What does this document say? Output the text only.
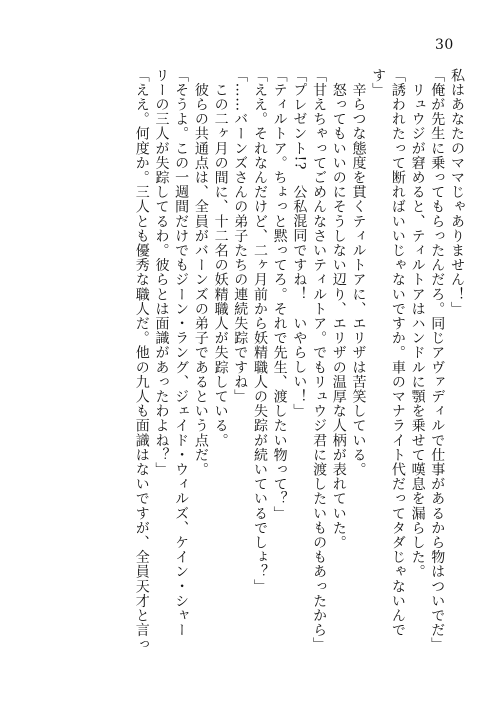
30
私はあなたのママじゃありません！」
「俺が先生に乗ってもらったんだろ。同じアヴァディルで仕事があるから物はついでだ」
　リュウジが窘めると、ティルトアはハンドルに顎を乗せて嘆息を漏らした。
「誘われたって断ればいいじゃないですか。車のマナライト代だってタダじゃないんで
す」
　辛らつな態度を貫くティルトアに、エリザは苦笑している。
　怒ってもいいのにそうしない辺り、エリザの温厚な人柄が表れていた。
「甘えちゃってごめんなさいティルトア。でもリュウジ君に渡したいものもあったから」
「プレゼント!?　公私混同ですね！　いやらしい！」
「ティルトア。ちょっと黙ってろ。それで先生、渡したい物って？」
「ええ。それなんだけど、二ヶ月前から妖精職人の失踪が続いているでしょ？」
「……バーンズさんの弟子たちの連続失踪ですね」
　この二ヶ月の間に、十二名の妖精職人が失踪している。
　彼らの共通点は、全員がバーンズの弟子であるという点だ。
「そうよ。この一週間だけでもジーン・ラング、ジェイド・ウィルズ、ケイン・シャー
リーの三人が失踪してるわ。彼らとは面識があったわよね？」
「ええ。何度か。三人とも優秀な職人だ。他の九人も面識はないですが、全員天才と言っ
